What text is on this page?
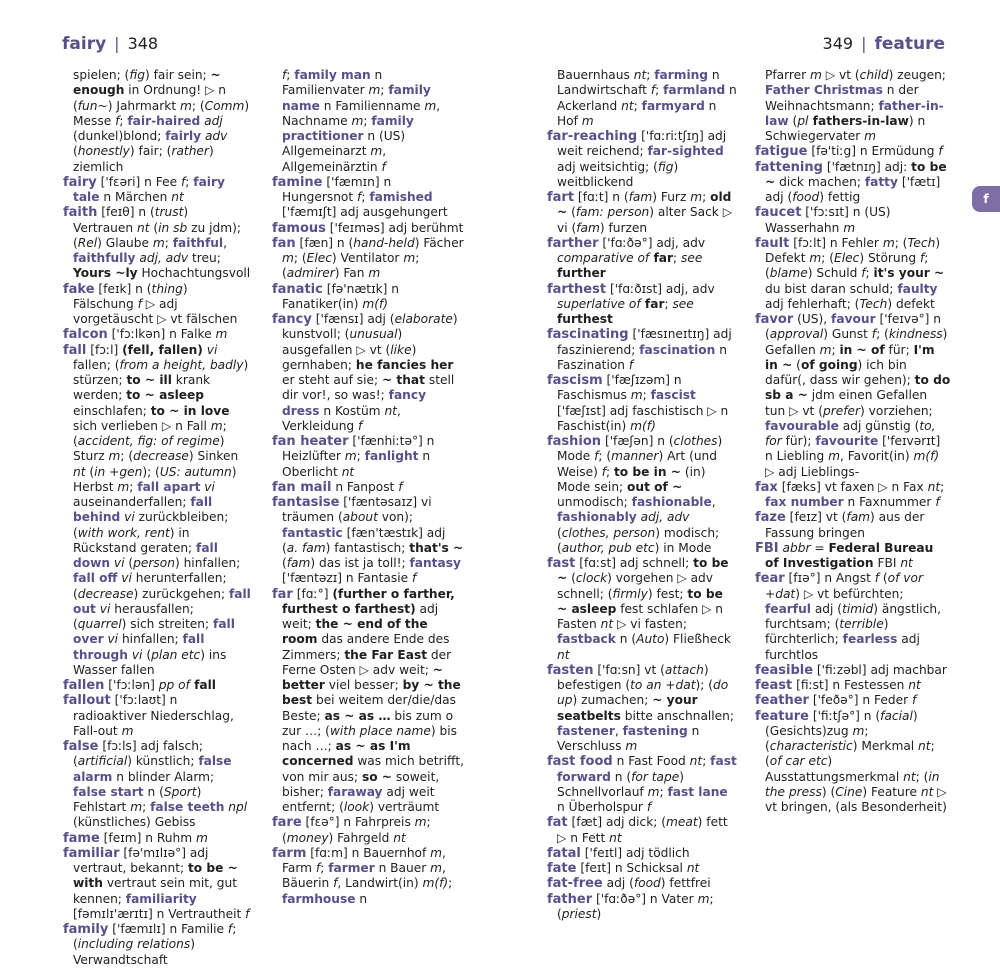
fairy | 348	349 | feature

spielen; (fig) fair sein; ~ enough in Ordnung! ▷ n (fun~) Jahrmarkt m; (Comm) Messe f; fair-haired adj (dunkel)blond; fairly adv (honestly) fair; (rather) ziemlich

fairy ['fɛəri] n Fee f; fairy tale n Märchen nt

faith [feɪθ] n (trust) Vertrauen nt (in sb zu jdm); (Rel) Glaube m; faithful, faithfully adj, adv treu; Yours ~ly Hochachtungsvoll

fake [feɪk] n (thing) Fälschung f ▷ adj vorgetäuscht ▷ vt fälschen

falcon ['fɔːlkən] n Falke m

fall [fɔːl] (fell, fallen) vi fallen; (from a height, badly) stürzen; to ~ ill krank werden; to ~ asleep einschlafen; to ~ in love sich verlieben ▷ n Fall m; (accident, fig: of regime) Sturz m; (decrease) Sinken nt (in +gen); (US: autumn) Herbst m; fall apart vi auseinanderfallen; fall behind vi zurückbleiben; (with work, rent) in Rückstand geraten; fall down vi (person) hinfallen; fall off vi herunterfallen; (decrease) zurückgehen; fall out vi herausfallen; (quarrel) sich streiten; fall over vi hinfallen; fall through vi (plan etc) ins Wasser fallen

fallen ['fɔːlən] pp of fall

fallout ['fɔːlaʊt] n radioaktiver Niederschlag, Fall-out m

false [fɔːls] adj falsch; (artificial) künstlich; false alarm n blinder Alarm; false start n (Sport) Fehlstart m; false teeth npl (künstliches) Gebiss

fame [feɪm] n Ruhm m

familiar [fə'mɪlɪə°] adj vertraut, bekannt; to be ~ with vertraut sein mit, gut kennen; familiarity [fəmɪlɪ'ærɪtɪ] n Vertrautheit f

family ['fæmɪlɪ] n Familie f; (including relations) Verwandtschaft

f; family man n Familienvater m; family name n Familienname m, Nachname m; family practitioner n (US) Allgemeinarzt m, Allgemeinärztin f

famine ['fæmɪn] n Hungersnot f; famished ['fæmɪʃt] adj ausgehungert

famous ['feɪməs] adj berühmt

fan [fæn] n (hand-held) Fächer m; (Elec) Ventilator m; (admirer) Fan m

fanatic [fə'nætɪk] n Fanatiker(in) m(f)

fancy ['fænsɪ] adj (elaborate) kunstvoll; (unusual) ausgefallen ▷ vt (like) gernhaben; he fancies her er steht auf sie; ~ that stell dir vor!, so was!; fancy dress n Kostüm nt, Verkleidung f

fan heater ['fænhiːtə°] n Heizlüfter m; fanlight n Oberlicht nt

fan mail n Fanpost f

fantasise ['fæntəsaɪz] vi träumen (about von); fantastic [fæn'tæstɪk] adj (a. fam) fantastisch; that's ~ (fam) das ist ja toll!; fantasy ['fæntəzɪ] n Fantasie f

far [fɑː°] (further o farther, furthest o farthest) adj weit; the ~ end of the room das andere Ende des Zimmers; the Far East der Ferne Osten ▷ adv weit; ~ better viel besser; by ~ the best bei weitem der/die/das Beste; as ~ as … bis zum o zur …; (with place name) bis nach …; as ~ as I'm concerned was mich betrifft, von mir aus; so ~ soweit, bisher; faraway adj weit entfernt; (look) verträumt

fare [fɛə°] n Fahrpreis m; (money) Fahrgeld nt

farm [fɑːm] n Bauernhof m, Farm f; farmer n Bauer m, Bäuerin f, Landwirt(in) m(f); farmhouse n

Bauernhaus nt; farming n Landwirtschaft f; farmland n Ackerland nt; farmyard n Hof m

far-reaching ['fɑːriːtʃɪŋ] adj weit reichend; far-sighted adj weitsichtig; (fig) weitblickend

fart [fɑːt] n (fam) Furz m; old ~ (fam: person) alter Sack ▷ vi (fam) furzen

farther ['fɑːðə°] adj, adv comparative of far; see further

farthest ['fɑːðɪst] adj, adv superlative of far; see furthest

fascinating ['fæsɪneɪtɪŋ] adj faszinierend; fascination n Faszination f

fascism ['fæʃɪzəm] n Faschismus m; fascist ['fæʃɪst] adj faschistisch ▷ n Faschist(in) m(f)

fashion ['fæʃən] n (clothes) Mode f; (manner) Art (und Weise) f; to be in ~ (in) Mode sein; out of ~ unmodisch; fashionable, fashionably adj, adv (clothes, person) modisch; (author, pub etc) in Mode

fast [fɑːst] adj schnell; to be ~ (clock) vorgehen ▷ adv schnell; (firmly) fest; to be ~ asleep fest schlafen ▷ n Fasten nt ▷ vi fasten; fastback n (Auto) Fließheck nt

fasten ['fɑːsn] vt (attach) befestigen (to an +dat); (do up) zumachen; ~ your seatbelts bitte anschnallen; fastener, fastening n Verschluss m

fast food n Fast Food nt; fast forward n (for tape) Schnellvorlauf m; fast lane n Überholspur f

fat [fæt] adj dick; (meat) fett ▷ n Fett nt

fatal ['feɪtl] adj tödlich

fate [feɪt] n Schicksal nt

fat-free adj (food) fettfrei

father ['fɑːðə°] n Vater m; (priest)

Pfarrer m ▷ vt (child) zeugen; Father Christmas n der Weihnachtsmann; father-in-law (pl fathers-in-law) n Schwiegervater m

fatigue [fə'tiːg] n Ermüdung f

fattening ['fætnɪŋ] adj: to be ~ dick machen; fatty ['fætɪ] adj (food) fettig

faucet ['fɔːsɪt] n (US) Wasserhahn m

fault [fɔːlt] n Fehler m; (Tech) Defekt m; (Elec) Störung f; (blame) Schuld f; it's your ~ du bist daran schuld; faulty adj fehlerhaft; (Tech) defekt

favor (US), favour ['feɪvə°] n (approval) Gunst f; (kindness) Gefallen m; in ~ of für; I'm in ~ (of going) ich bin dafür(, dass wir gehen); to do sb a ~ jdm einen Gefallen tun ▷ vt (prefer) vorziehen; favourable adj günstig (to, for für); favourite ['feɪvərɪt] n Liebling m, Favorit(in) m(f) ▷ adj Lieblings-

fax [fæks] vt faxen ▷ n Fax nt; fax number n Faxnummer f

faze [feɪz] vt (fam) aus der Fassung bringen

FBI abbr = Federal Bureau of Investigation FBI nt

fear [fɪə°] n Angst f (of vor +dat) ▷ vt befürchten; fearful adj (timid) ängstlich, furchtsam; (terrible) fürchterlich; fearless adj furchtlos

feasible ['fiːzəbl] adj machbar

feast [fiːst] n Festessen nt

feather ['feðə°] n Feder f

feature ['fiːtʃə°] n (facial) (Gesichts)zug m; (characteristic) Merkmal nt; (of car etc) Ausstattungsmerkmal nt; (in the press) (Cine) Feature nt ▷ vt bringen, (als Besonderheit)

f
